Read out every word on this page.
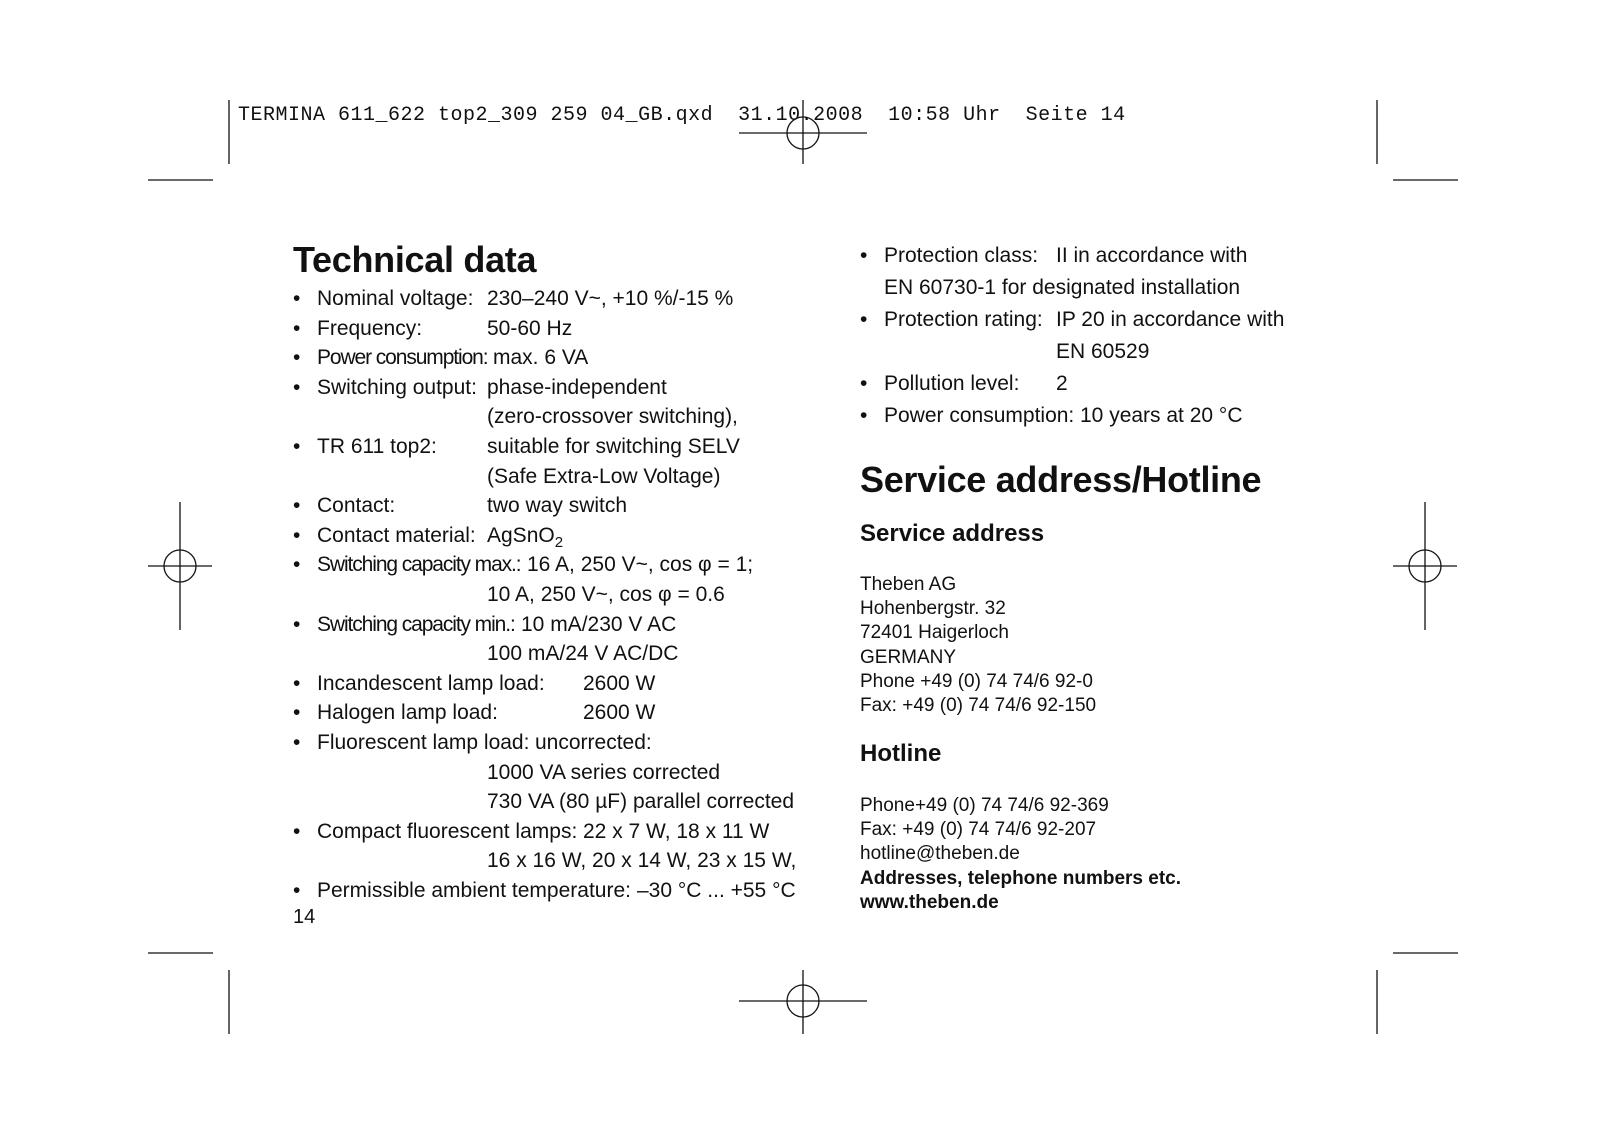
TERMINA 611_622 top2_309 259 04_GB.qxd  31.10.2008  10:58 Uhr  Seite 14
Technical data
• Nominal voltage: 230–240 V~, +10 %/-15 %
• Frequency:	50-60 Hz
• Power consumption: max. 6 VA
• Switching output: phase-independent
(zero-crossover switching),
• TR 611 top2: suitable for switching SELV
(Safe Extra-Low Voltage)
• Contact:	two way switch
• Contact material: AgSnO$_2$
• Switching capacity max.: 16 A, 250 V~, cos φ = 1;
10 A, 250 V~, cos φ = 0.6
• Switching capacity min.: 10 mA/230 V AC
100 mA/24 V AC/DC
• Incandescent lamp load: 2600 W
• Halogen lamp load:	2600 W
• Fluorescent lamp load: uncorrected:
1000 VA series corrected
730 VA (80 µF) parallel corrected
• Compact fluorescent lamps: 22 x 7 W, 18 x 11 W
16 x 16 W, 20 x 14 W, 23 x 15 W,
• Permissible ambient temperature: –30 °C ... +55 °C
14
• Protection class: II in accordance with
EN 60730-1 for designated installation
• Protection rating: IP 20 in accordance with
EN 60529
• Pollution level: 2
• Power consumption: 10 years at 20 °C
Service address/Hotline
Service address
Theben AG
Hohenbergstr. 32
72401 Haigerloch
GERMANY
Phone +49 (0) 74 74/6 92-0
Fax: +49 (0) 74 74/6 92-150
Hotline
Phone+49 (0) 74 74/6 92-369
Fax: +49 (0) 74 74/6 92-207
hotline@theben.de
Addresses, telephone numbers etc.
www.theben.de
